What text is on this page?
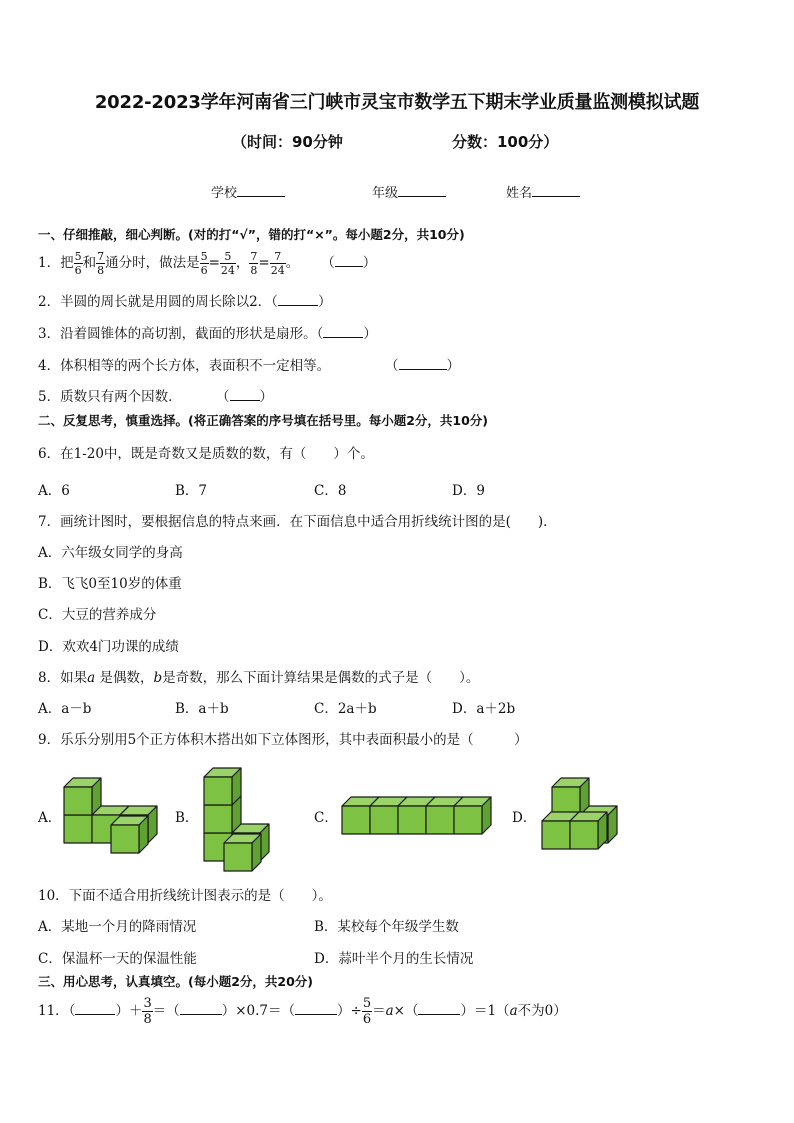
2022-2023学年河南省三门峡市灵宝市数学五下期末学业质量监测模拟试题
（时间：90分钟	分数：100分）
学校	年级	姓名
一、仔细推敲，细心判断。(对的打“√”，错的打“×”。每小题2分，共10分)
1．把 $\frac{5}{6}$ 和 $\frac{7}{8}$ 通分时，做法是 $\frac{5}{6} = \frac{5}{24}$ ， $\frac{7}{8} = \frac{7}{24}$ 。 （ ）
2．半圆的周长就是用圆的周长除以2．（	）
3．沿着圆锥体的高切割，截面的形状是扇形。（	）
4．体积相等的两个长方体，表面积不一定相等。	（	）
5．质数只有两个因数．	（ ）
二、反复思考，慎重选择。(将正确答案的序号填在括号里。每小题2分，共10分)
6．在1-20中，既是奇数又是质数的数，有（　　）个。
A．6	B．7	C．8	D．9
7．画统计图时，要根据信息的特点来画．在下面信息中适合用折线统计图的是(　　)．
A．六年级女同学的身高
B．飞飞0至10岁的体重
C．大豆的营养成分
D．欢欢4门功课的成绩
8．如果a 是偶数，b是奇数，那么下面计算结果是偶数的式子是（　　）。
A．a－b	B．a＋b	C．2a＋b	D．a＋2b
9．乐乐分别用5个正方体积木搭出如下立体图形，其中表面积最小的是（　　　）
A．	B．	C．	D．
10．下面不适合用折线统计图表示的是（　　）。
A．某地一个月的降雨情况	B．某校每个年级学生数
C．保温杯一天的保温性能	D．蒜叶半个月的生长情况
三、用心思考，认真填空。(每小题2分，共20分)
11．（	）＋ $\frac{3}{8}$ ＝（	）×0.7＝（	）÷ $\frac{5}{6} =a\times$（	）＝1（a不为0）
